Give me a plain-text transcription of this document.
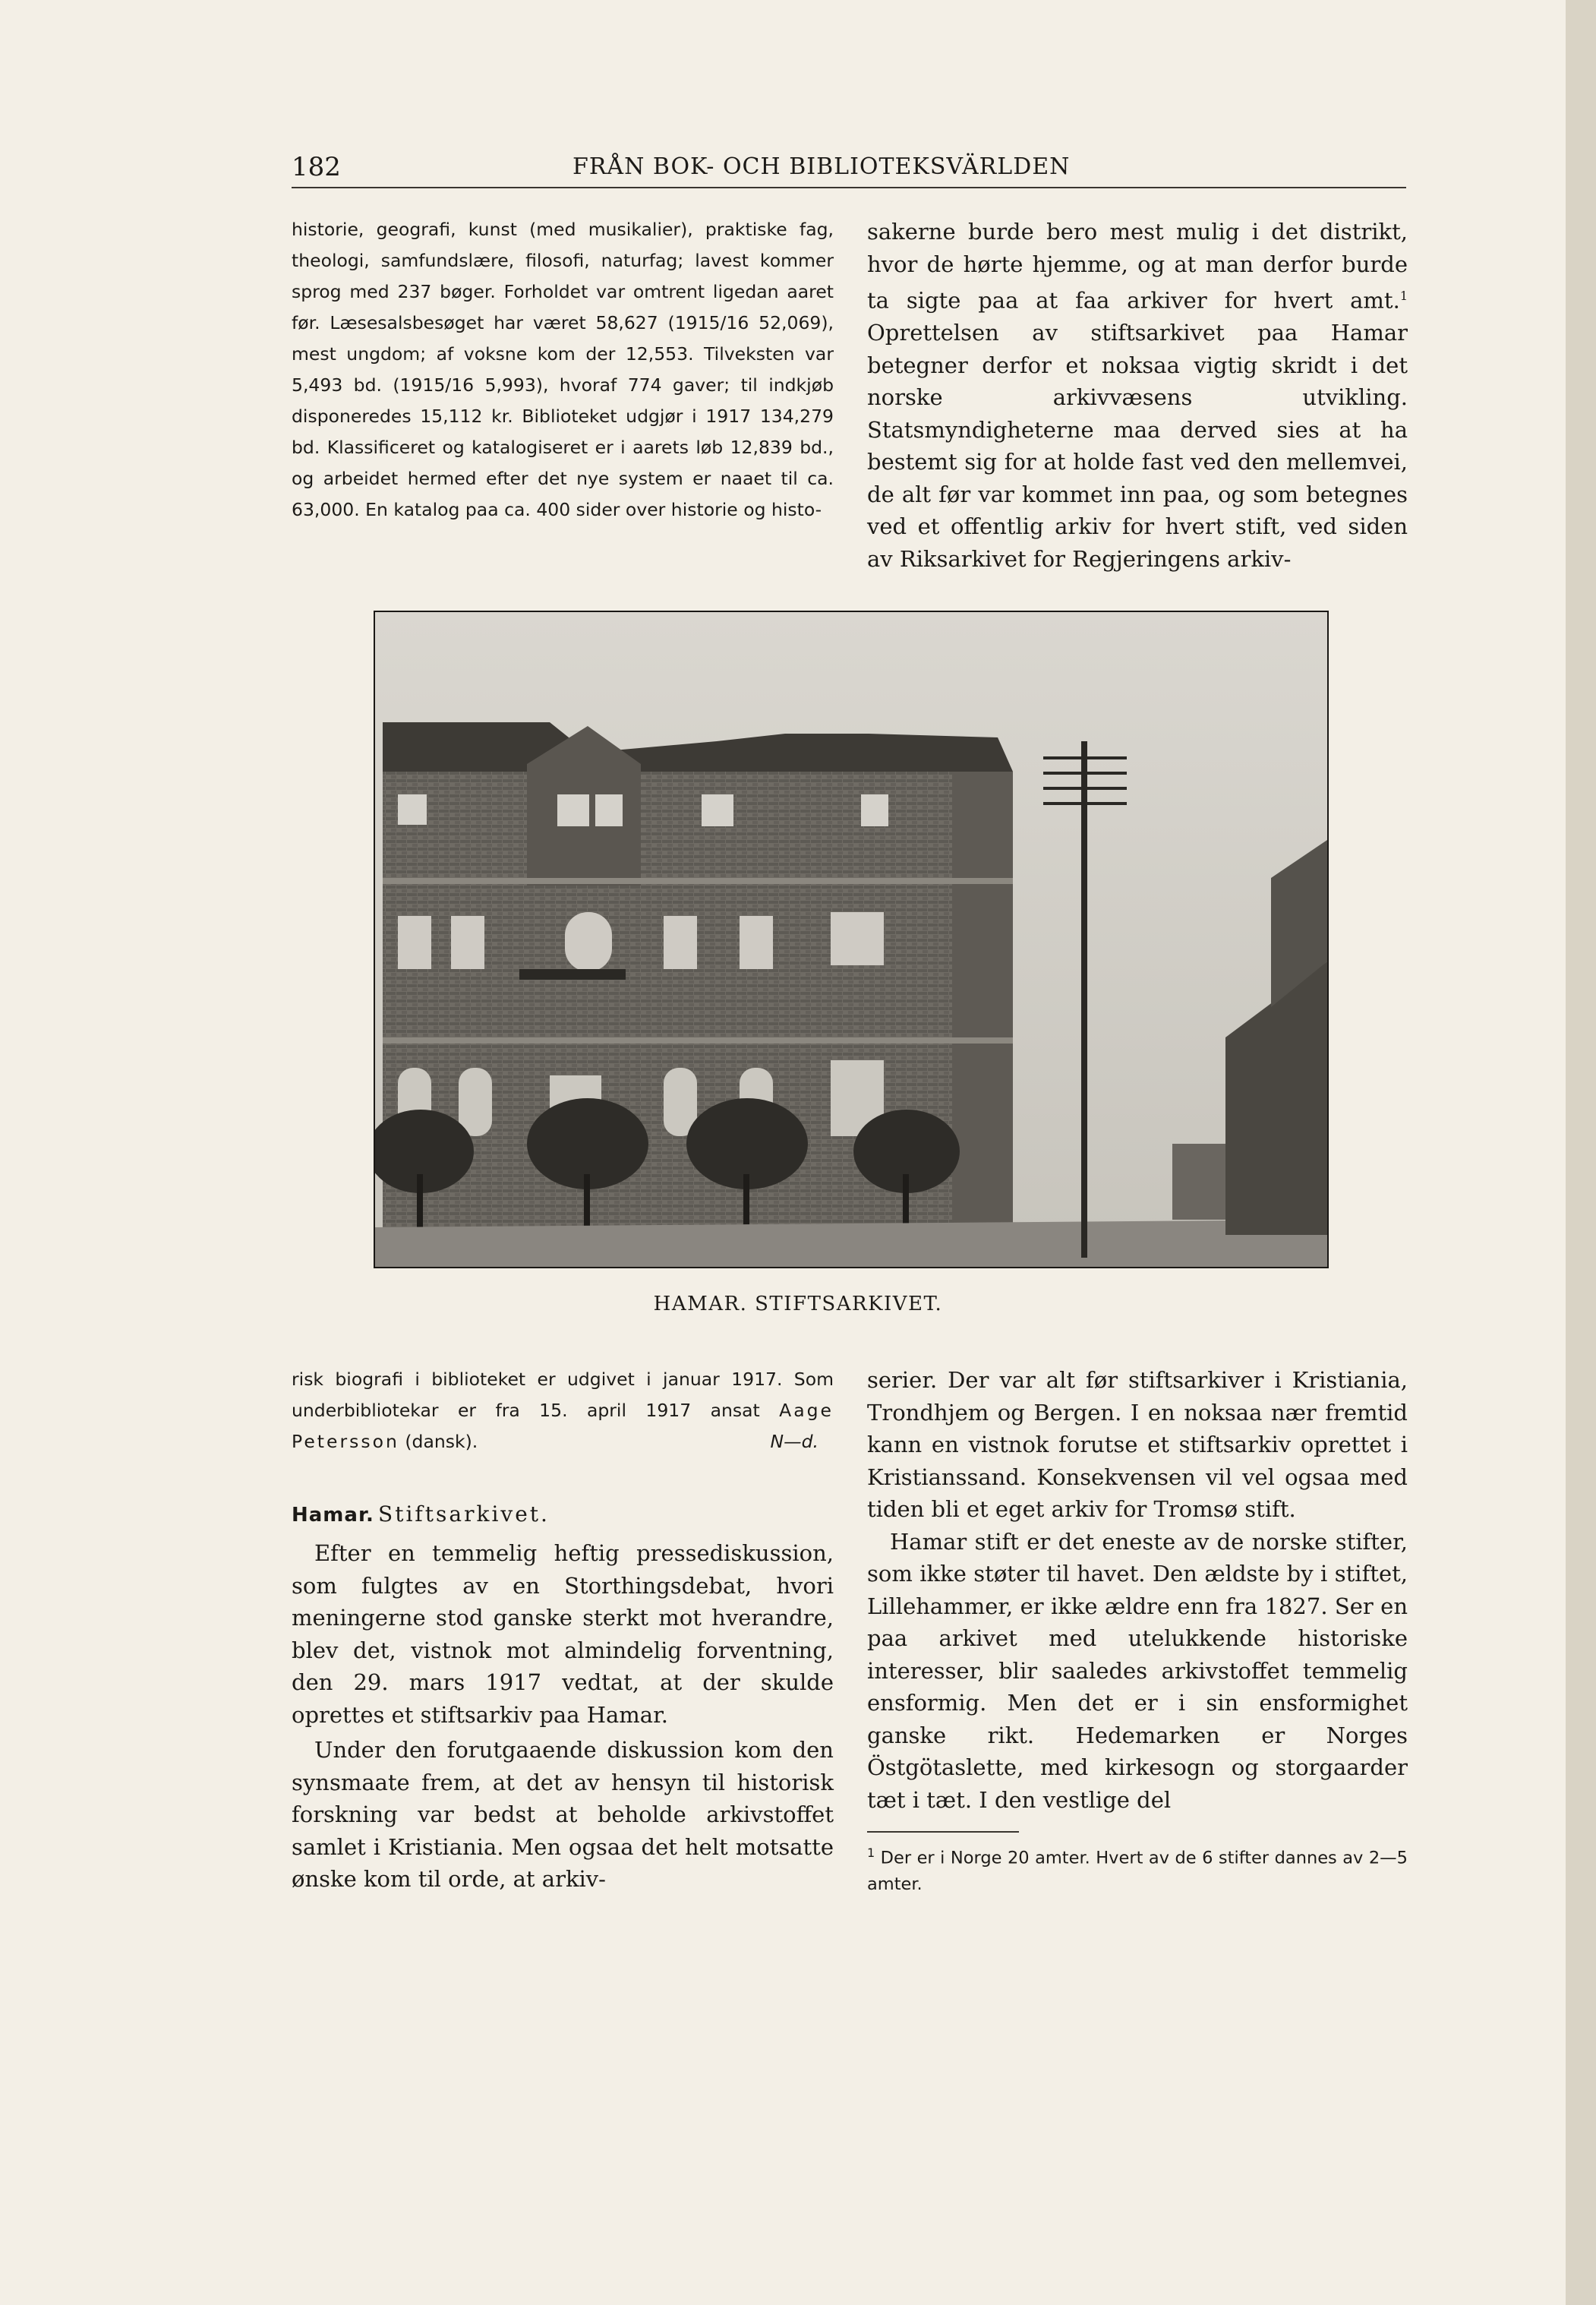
182	FRÅN BOK- OCH BIBLIOTEKSVÄRLDEN

historie, geografi, kunst (med musikalier), praktiske fag, theologi, samfundslære, filosofi, naturfag; lavest kommer sprog med 237 bøger. Forholdet var omtrent ligedan aaret før. Læsesalsbesøget har været 58,627 (1915/16 52,069), mest ungdom; af voksne kom der 12,553. Tilveksten var 5,493 bd. (1915/16 5,993), hvoraf 774 gaver; til indkjøb disponeredes 15,112 kr. Biblioteket udgjør i 1917 134,279 bd. Klassificeret og katalogiseret er i aarets løb 12,839 bd., og arbeidet hermed efter det nye system er naaet til ca. 63,000. En katalog paa ca. 400 sider over historie og histo-

sakerne burde bero mest mulig i det distrikt, hvor de hørte hjemme, og at man derfor burde ta sigte paa at faa arkiver for hvert amt.$^1$ Oprettelsen av stiftsarkivet paa Hamar betegner derfor et noksaa vigtig skridt i det norske arkivvæsens utvikling. Statsmyndigheterne maa derved sies at ha bestemt sig for at holde fast ved den mellemvei, de alt før var kommet inn paa, og som betegnes ved et offentlig arkiv for hvert stift, ved siden av Riksarkivet for Regjeringens arkiv-

HAMAR. STIFTSARKIVET.

risk biografi i biblioteket er udgivet i januar 1917. Som underbibliotekar er fra 15. april 1917 ansat Aage Petersson (dansk).	N—d.

Hamar. Stiftsarkivet.

Efter en temmelig heftig pressediskussion, som fulgtes av en Storthingsdebat, hvori meningerne stod ganske sterkt mot hverandre, blev det, vistnok mot almindelig forventning, den 29. mars 1917 vedtat, at der skulde oprettes et stiftsarkiv paa Hamar.

Under den forutgaaende diskussion kom den synsmaate frem, at det av hensyn til historisk forskning var bedst at beholde arkivstoffet samlet i Kristiania. Men ogsaa det helt motsatte ønske kom til orde, at arkiv-

serier. Der var alt før stiftsarkiver i Kristiania, Trondhjem og Bergen. I en noksaa nær fremtid kann en vistnok forutse et stiftsarkiv oprettet i Kristianssand. Konsekvensen vil vel ogsaa med tiden bli et eget arkiv for Tromsø stift.

Hamar stift er det eneste av de norske stifter, som ikke støter til havet. Den ældste by i stiftet, Lillehammer, er ikke ældre enn fra 1827. Ser en paa arkivet med utelukkende historiske interesser, blir saaledes arkivstoffet temmelig ensformig. Men det er i sin ensformighet ganske rikt. Hedemarken er Norges Östgötaslette, med kirkesogn og storgaarder tæt i tæt. I den vestlige del

$^1$ Der er i Norge 20 amter. Hvert av de 6 stifter dannes av 2—5 amter.
